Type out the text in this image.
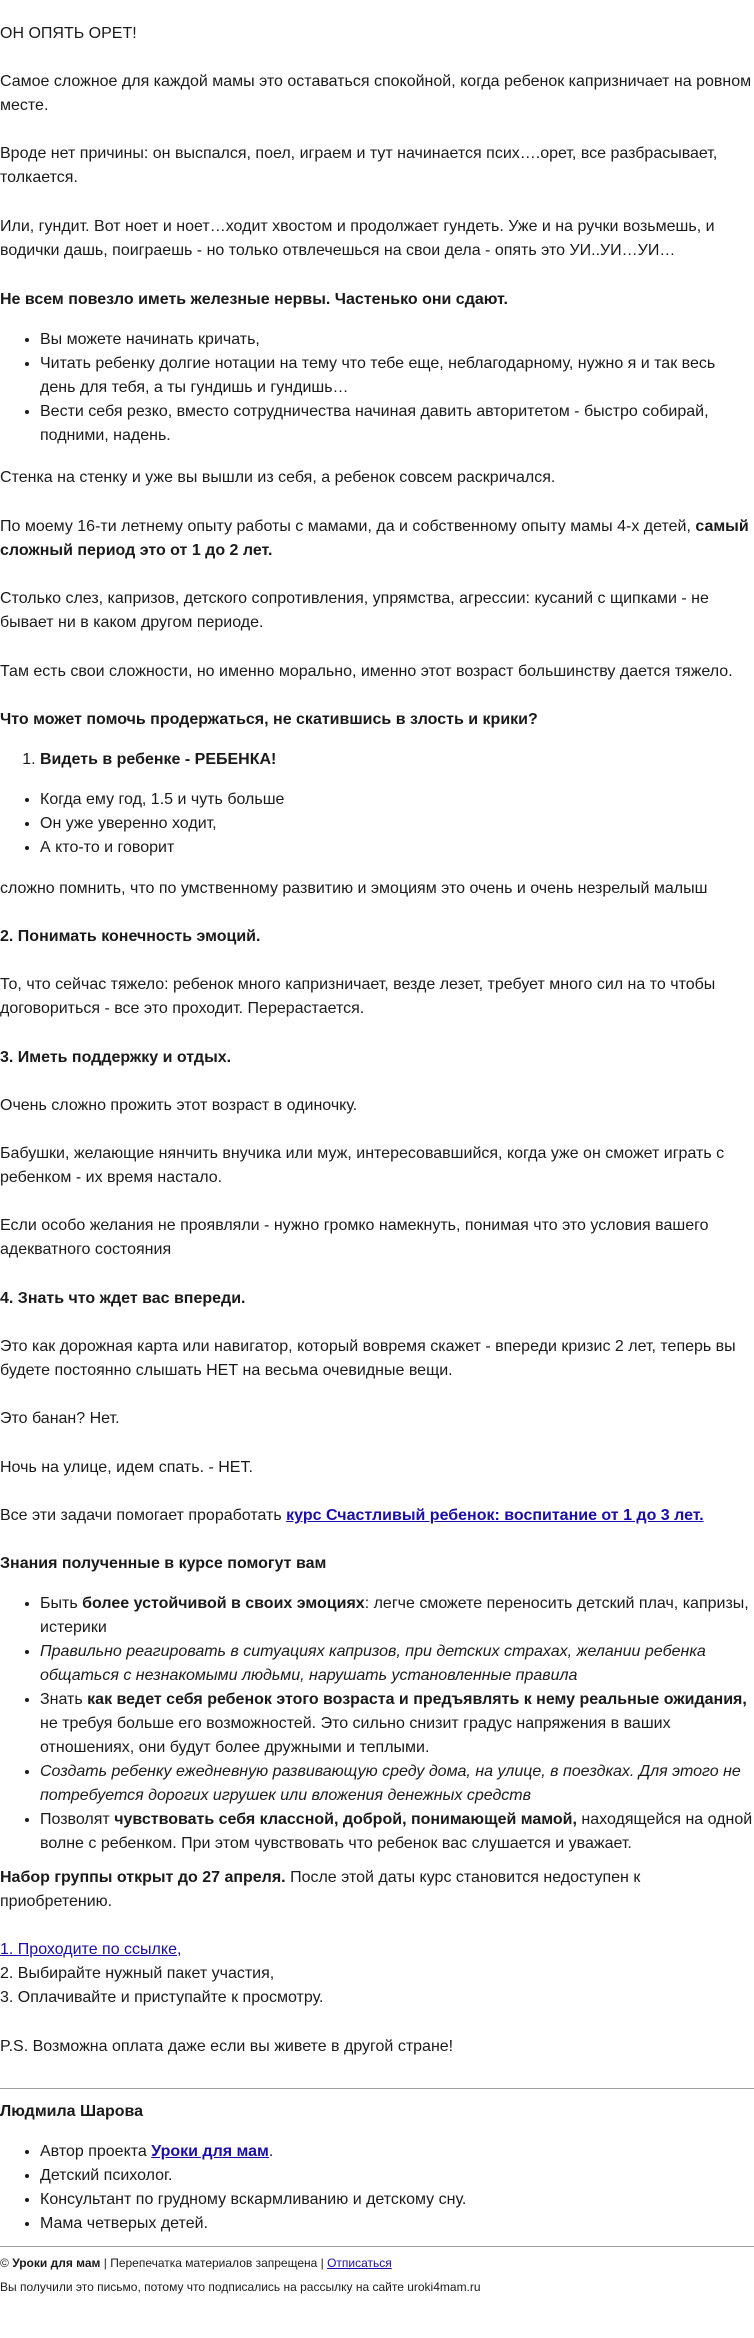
ОН ОПЯТЬ ОРЕТ!

Самое сложное для каждой мамы это оставаться спокойной, когда ребенок капризничает на ровном месте.

Вроде нет причины: он выспался, поел, играем и тут начинается псих….орет, все разбрасывает, толкается.

Или, гундит. Вот ноет и ноет…ходит хвостом и продолжает гундеть. Уже и на ручки возьмешь, и водички дашь, поиграешь - но только отвлечешься на свои дела - опять это УИ..УИ…УИ…

Не всем повезло иметь железные нервы. Частенько они сдают.

• Вы можете начинать кричать,
• Читать ребенку долгие нотации на тему что тебе еще, неблагодарному, нужно я и так весь день для тебя, а ты гундишь и гундишь…
• Вести себя резко, вместо сотрудничества начиная давить авторитетом - быстро собирай, подними, надень.

Стенка на стенку и уже вы вышли из себя, а ребенок совсем раскричался.

По моему 16-ти летнему опыту работы с мамами, да и собственному опыту мамы 4-х детей, самый сложный период это от 1 до 2 лет.

Столько слез, капризов, детского сопротивления, упрямства, агрессии: кусаний с щипками - не бывает ни в каком другом периоде.

Там есть свои сложности, но именно морально, именно этот возраст большинству дается тяжело.

Что может помочь продержаться, не скатившись в злость и крики?

1. Видеть в ребенке - РЕБЕНКА!
• Когда ему год, 1.5 и чуть больше
• Он уже уверенно ходит,
• А кто-то и говорит

сложно помнить, что по умственному развитию и эмоциям это очень и очень незрелый малыш

2. Понимать конечность эмоций.

То, что сейчас тяжело: ребенок много капризничает, везде лезет, требует много сил на то чтобы договориться - все это проходит. Перерастается.

3. Иметь поддержку и отдых.

Очень сложно прожить этот возраст в одиночку.

Бабушки, желающие нянчить внучика или муж, интересовавшийся, когда уже он сможет играть с ребенком - их время настало.

Если особо желания не проявляли - нужно громко намекнуть, понимая что это условия вашего адекватного состояния

4. Знать что ждет вас впереди.

Это как дорожная карта или навигатор, который вовремя скажет - впереди кризис 2 лет, теперь вы будете постоянно слышать НЕТ на весьма очевидные вещи.

Это банан? Нет.

Ночь на улице, идем спать. - НЕТ.

Все эти задачи помогает проработать курс Счастливый ребенок: воспитание от 1 до 3 лет.

Знания полученные в курсе помогут вам

• Быть более устойчивой в своих эмоциях: легче сможете переносить детский плач, капризы, истерики
• Правильно реагировать в ситуациях капризов, при детских страхах, желании ребенка общаться с незнакомыми людьми, нарушать установленные правила
• Знать как ведет себя ребенок этого возраста и предъявлять к нему реальные ожидания, не требуя больше его возможностей. Это сильно снизит градус напряжения в ваших отношениях, они будут более дружными и теплыми.
• Создать ребенку ежедневную развивающую среду дома, на улице, в поездках. Для этого не потребуется дорогих игрушек или вложения денежных средств
• Позволят чувствовать себя классной, доброй, понимающей мамой, находящейся на одной волне с ребенком. При этом чувствовать что ребенок вас слушается и уважает.

Набор группы открыт до 27 апреля. После этой даты курс становится недоступен к приобретению.

1. Проходите по ссылке,
2. Выбирайте нужный пакет участия,
3. Оплачивайте и приступайте к просмотру.

P.S. Возможна оплата даже если вы живете в другой стране!

Людмила Шарова

• Автор проекта Уроки для мам.
• Детский психолог.
• Консультант по грудному вскармливанию и детскому сну.
• Мама четверых детей.

© Уроки для мам | Перепечатка материалов запрещена | Отписаться

Вы получили это письмо, потому что подписались на рассылку на сайте uroki4mam.ru
